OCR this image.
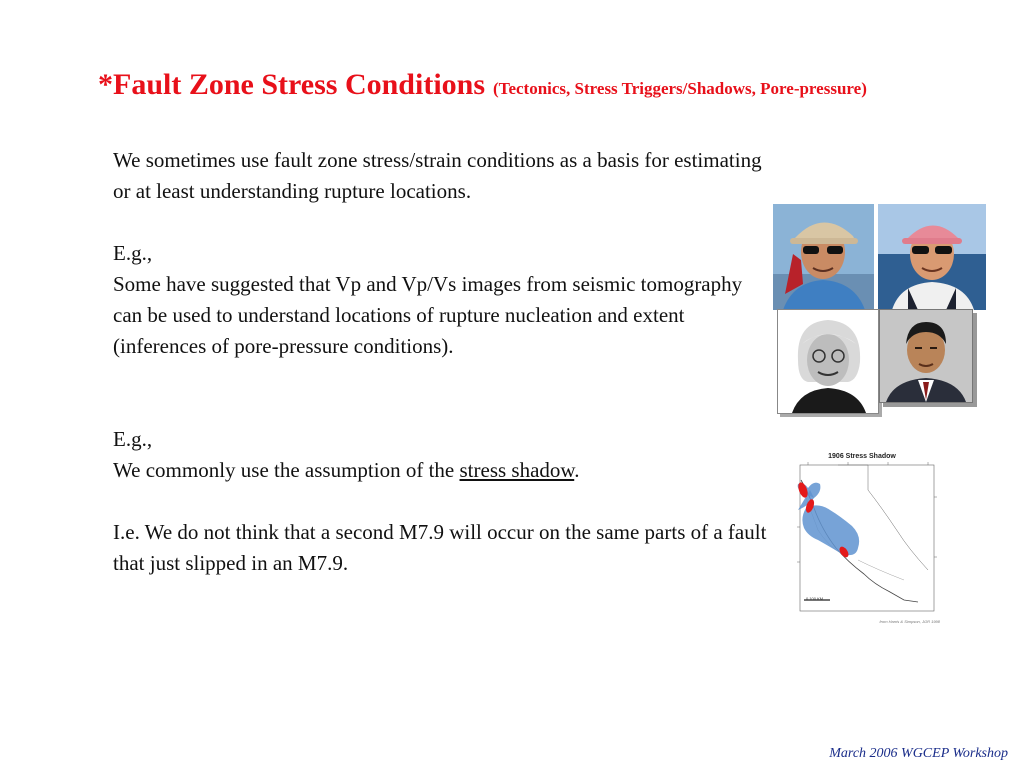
*Fault Zone Stress Conditions (Tectonics, Stress Triggers/Shadows, Pore-pressure)

We sometimes use fault zone stress/strain conditions as a basis for estimating or at least understanding rupture locations.

E.g.,

Some have suggested that Vp and Vp/Vs images from seismic tomography can be used to understand locations of rupture nucleation and extent (inferences of pore-pressure conditions).

E.g.,

We commonly use the assumption of the stress shadow.

I.e. We do not think that a second M7.9 will occur on the same parts of a fault that just slipped in an M7.9.

1906 Stress Shadow
0 100 KM
from Harris & Simpson, JGR 1998
March 2006 WGCEP Workshop
